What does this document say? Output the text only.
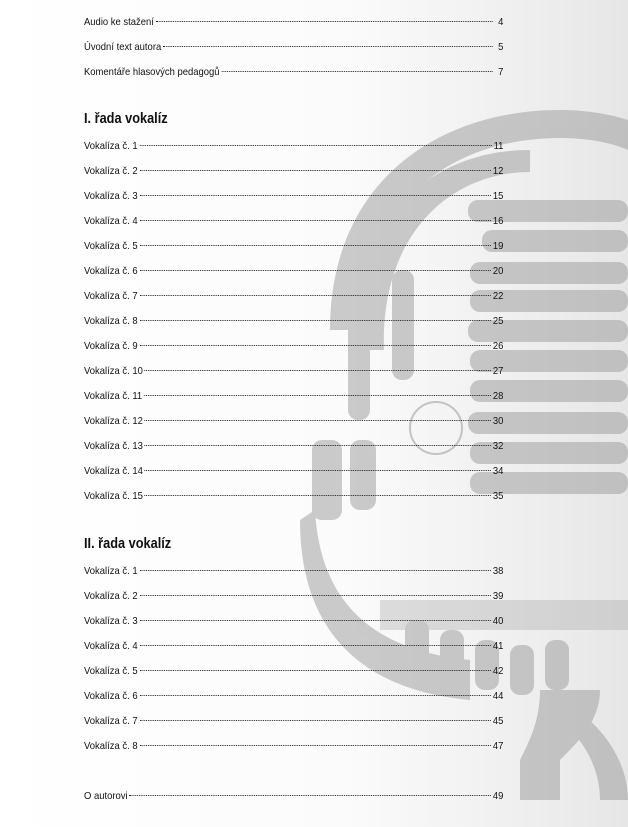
Audio ke stažení	4
Úvodní text autora	5
Komentáře hlasových pedagogů	7
I. řada vokalíz
Vokalíza č. 1	11
Vokalíza č. 2	12
Vokalíza č. 3	15
Vokalíza č. 4	16
Vokalíza č. 5	19
Vokalíza č. 6	20
Vokalíza č. 7	22
Vokalíza č. 8	25
Vokalíza č. 9	26
Vokalíza č. 10	27
Vokalíza č. 11	28
Vokalíza č. 12	30
Vokalíza č. 13	32
Vokalíza č. 14	34
Vokalíza č. 15	35
II. řada vokalíz
Vokalíza č. 1	38
Vokalíza č. 2	39
Vokalíza č. 3	40
Vokalíza č. 4	41
Vokalíza č. 5	42
Vokalíza č. 6	44
Vokalíza č. 7	45
Vokalíza č. 8	47
O autorovi	49
